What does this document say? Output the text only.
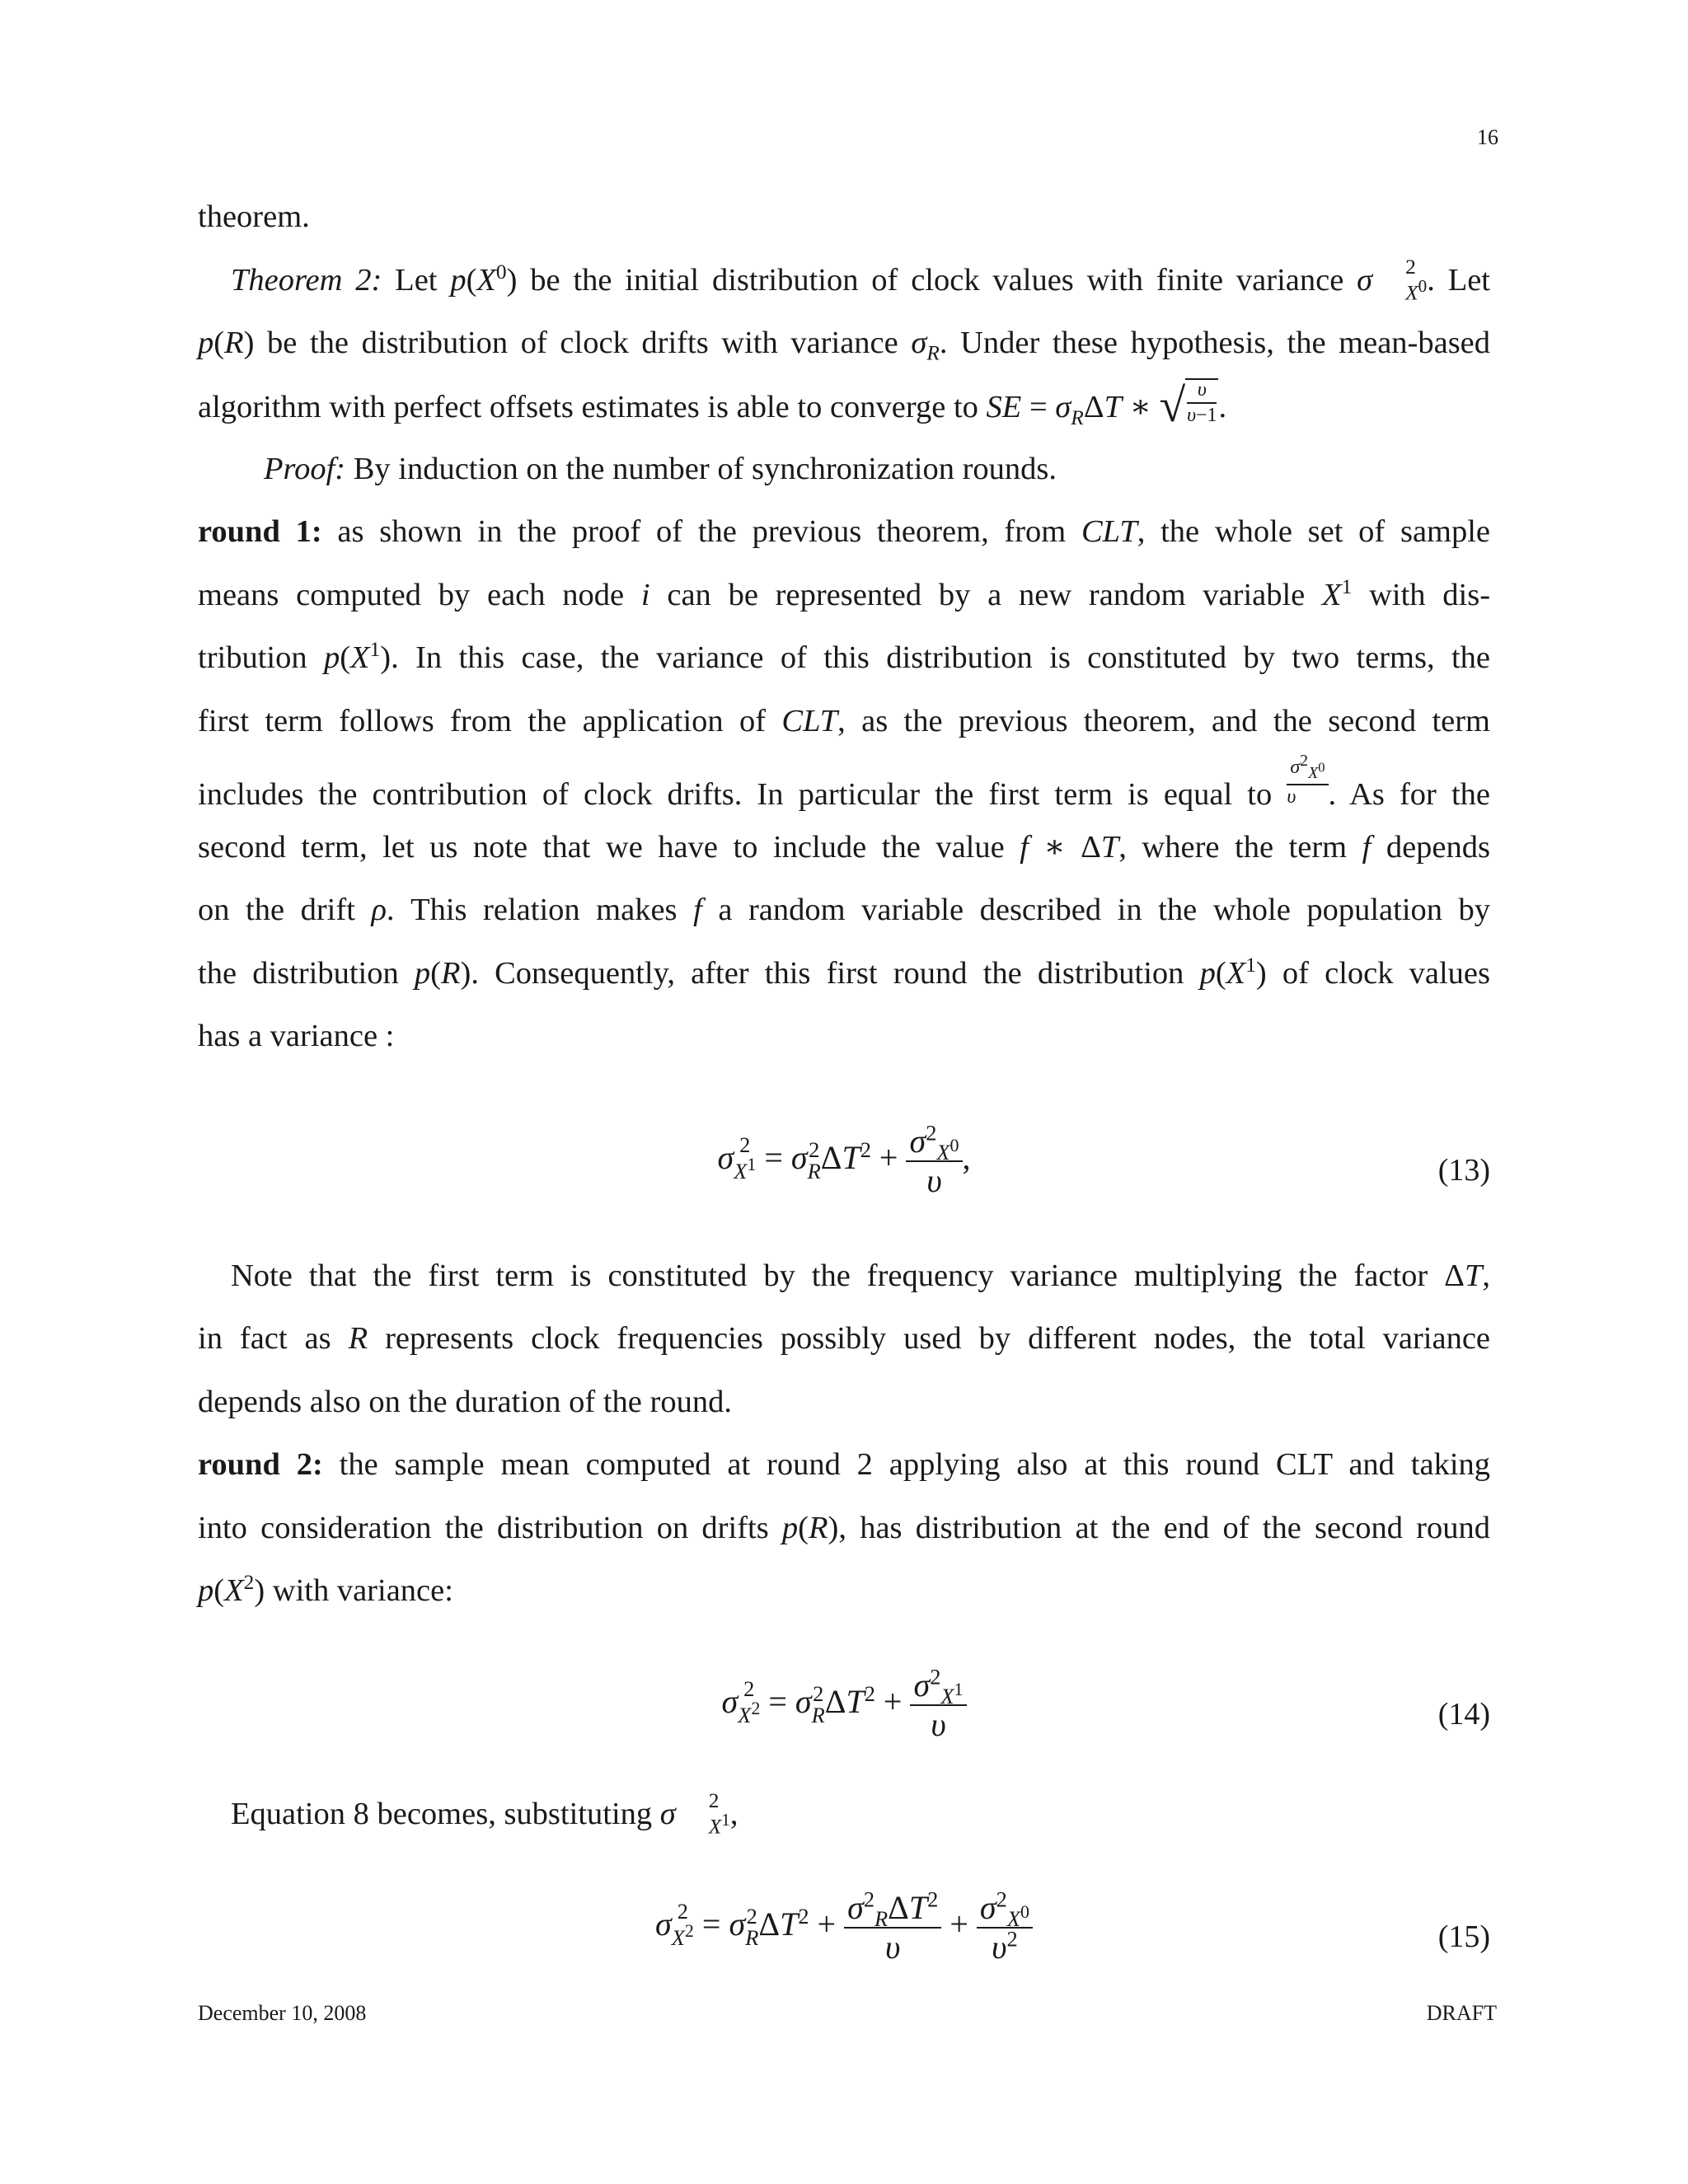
16
theorem.
Theorem 2: Let $p(X^0)$ be the initial distribution of clock values with finite variance σ	2
$X^0$ . Let
p(R) be the distribution of clock drifts with variance $\sigma_R$. Under these hypothesis, the mean-based
algorithm with perfect offsets estimates is able to converge to SE = $\sigma_R\Delta T$ ∗ √ $\frac{\upsilon}{\upsilon-1}$ .
Proof: By induction on the number of synchronization rounds.
round 1: as shown in the proof of the previous theorem, from CLT, the whole set of sample
means computed by each node i can be represented by a new random variable $X^1$ with dis-
tribution $p(X^1)$. In this case, the variance of this distribution is constituted by two terms, the
first term follows from the application of CLT, as the previous theorem, and the second term
includes the contribution of clock drifts. In particular the first term is equal to $\frac{\sigma^2_{X^0}}{\upsilon}$ . As for the
second term, let us note that we have to include the value f ∗ ΔT, where the term f depends
on the drift ρ. This relation makes f a random variable described in the whole population by
the distribution p(R). Consequently, after this first round the distribution $p(X^1)$ of clock values
has a variance :
σ 2
$X^1 = \sigma$ 2
R $\Delta T^2 + \frac{\sigma^2_{X^0}}{\upsilon}$ ,	(13)
Note that the first term is constituted by the frequency variance multiplying the factor ΔT,
in fact as R represents clock frequencies possibly used by different nodes, the total variance
depends also on the duration of the round.
round 2: the sample mean computed at round 2 applying also at this round CLT and taking
into consideration the distribution on drifts p(R), has distribution at the end of the second round
$p(X^2)$ with variance:
σ 2
$X^2 = \sigma$ 2
R $\Delta T^2 + \frac{\sigma^2_{X^1}}{\upsilon}$	(14)
Equation 8 becomes, substituting σ	2
$X^1$ ,
σ 2
$X^2 = \sigma$ 2
R $\Delta T^2 + \frac{\sigma^2_R\Delta T^2}{\upsilon} + \frac{\sigma^2_{X^0}}{\upsilon^2}$	(15)
December 10, 2008	DRAFT
